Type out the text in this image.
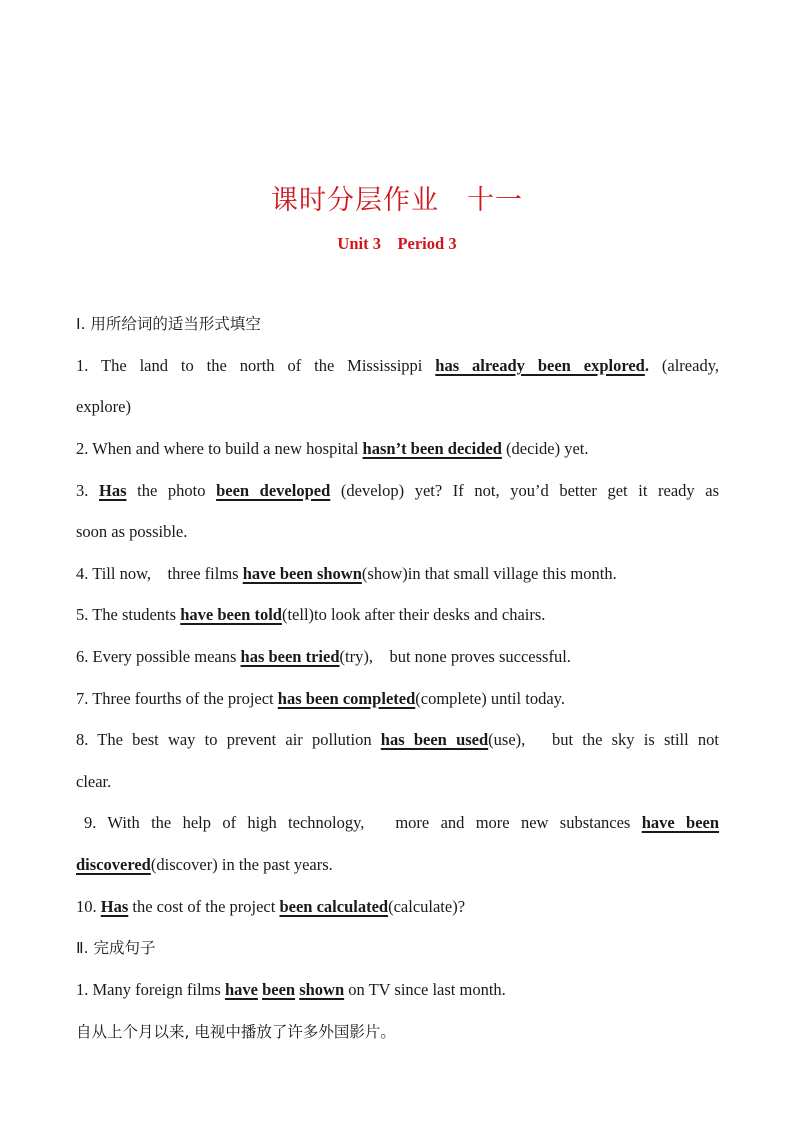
课时分层作业　十一
Unit 3　Period 3
Ⅰ. 用所给词的适当形式填空
1. The land to the north of the Mississippi has already been explored. (already,
explore)
2. When and where to build a new hospital hasn’t been decided (decide) yet.
3. Has the photo been developed (develop) yet? If not, you’d better get it ready as
soon as possible.
4. Till now,　three films have been shown(show)in that small village this month.
5. The students have been told(tell)to look after their desks and chairs.
6. Every possible means has been tried(try),　but none proves successful.
7. Three fourths of the project has been completed(complete) until today.
8. The best way to prevent air pollution has been used(use),　but the sky is still not
clear.
9. With the help of high technology,　more and more new substances have been
discovered(discover) in the past years.
10. Has the cost of the project been calculated(calculate)?
Ⅱ. 完成句子
1. Many foreign films have been shown on TV since last month.
自从上个月以来, 电视中播放了许多外国影片。
